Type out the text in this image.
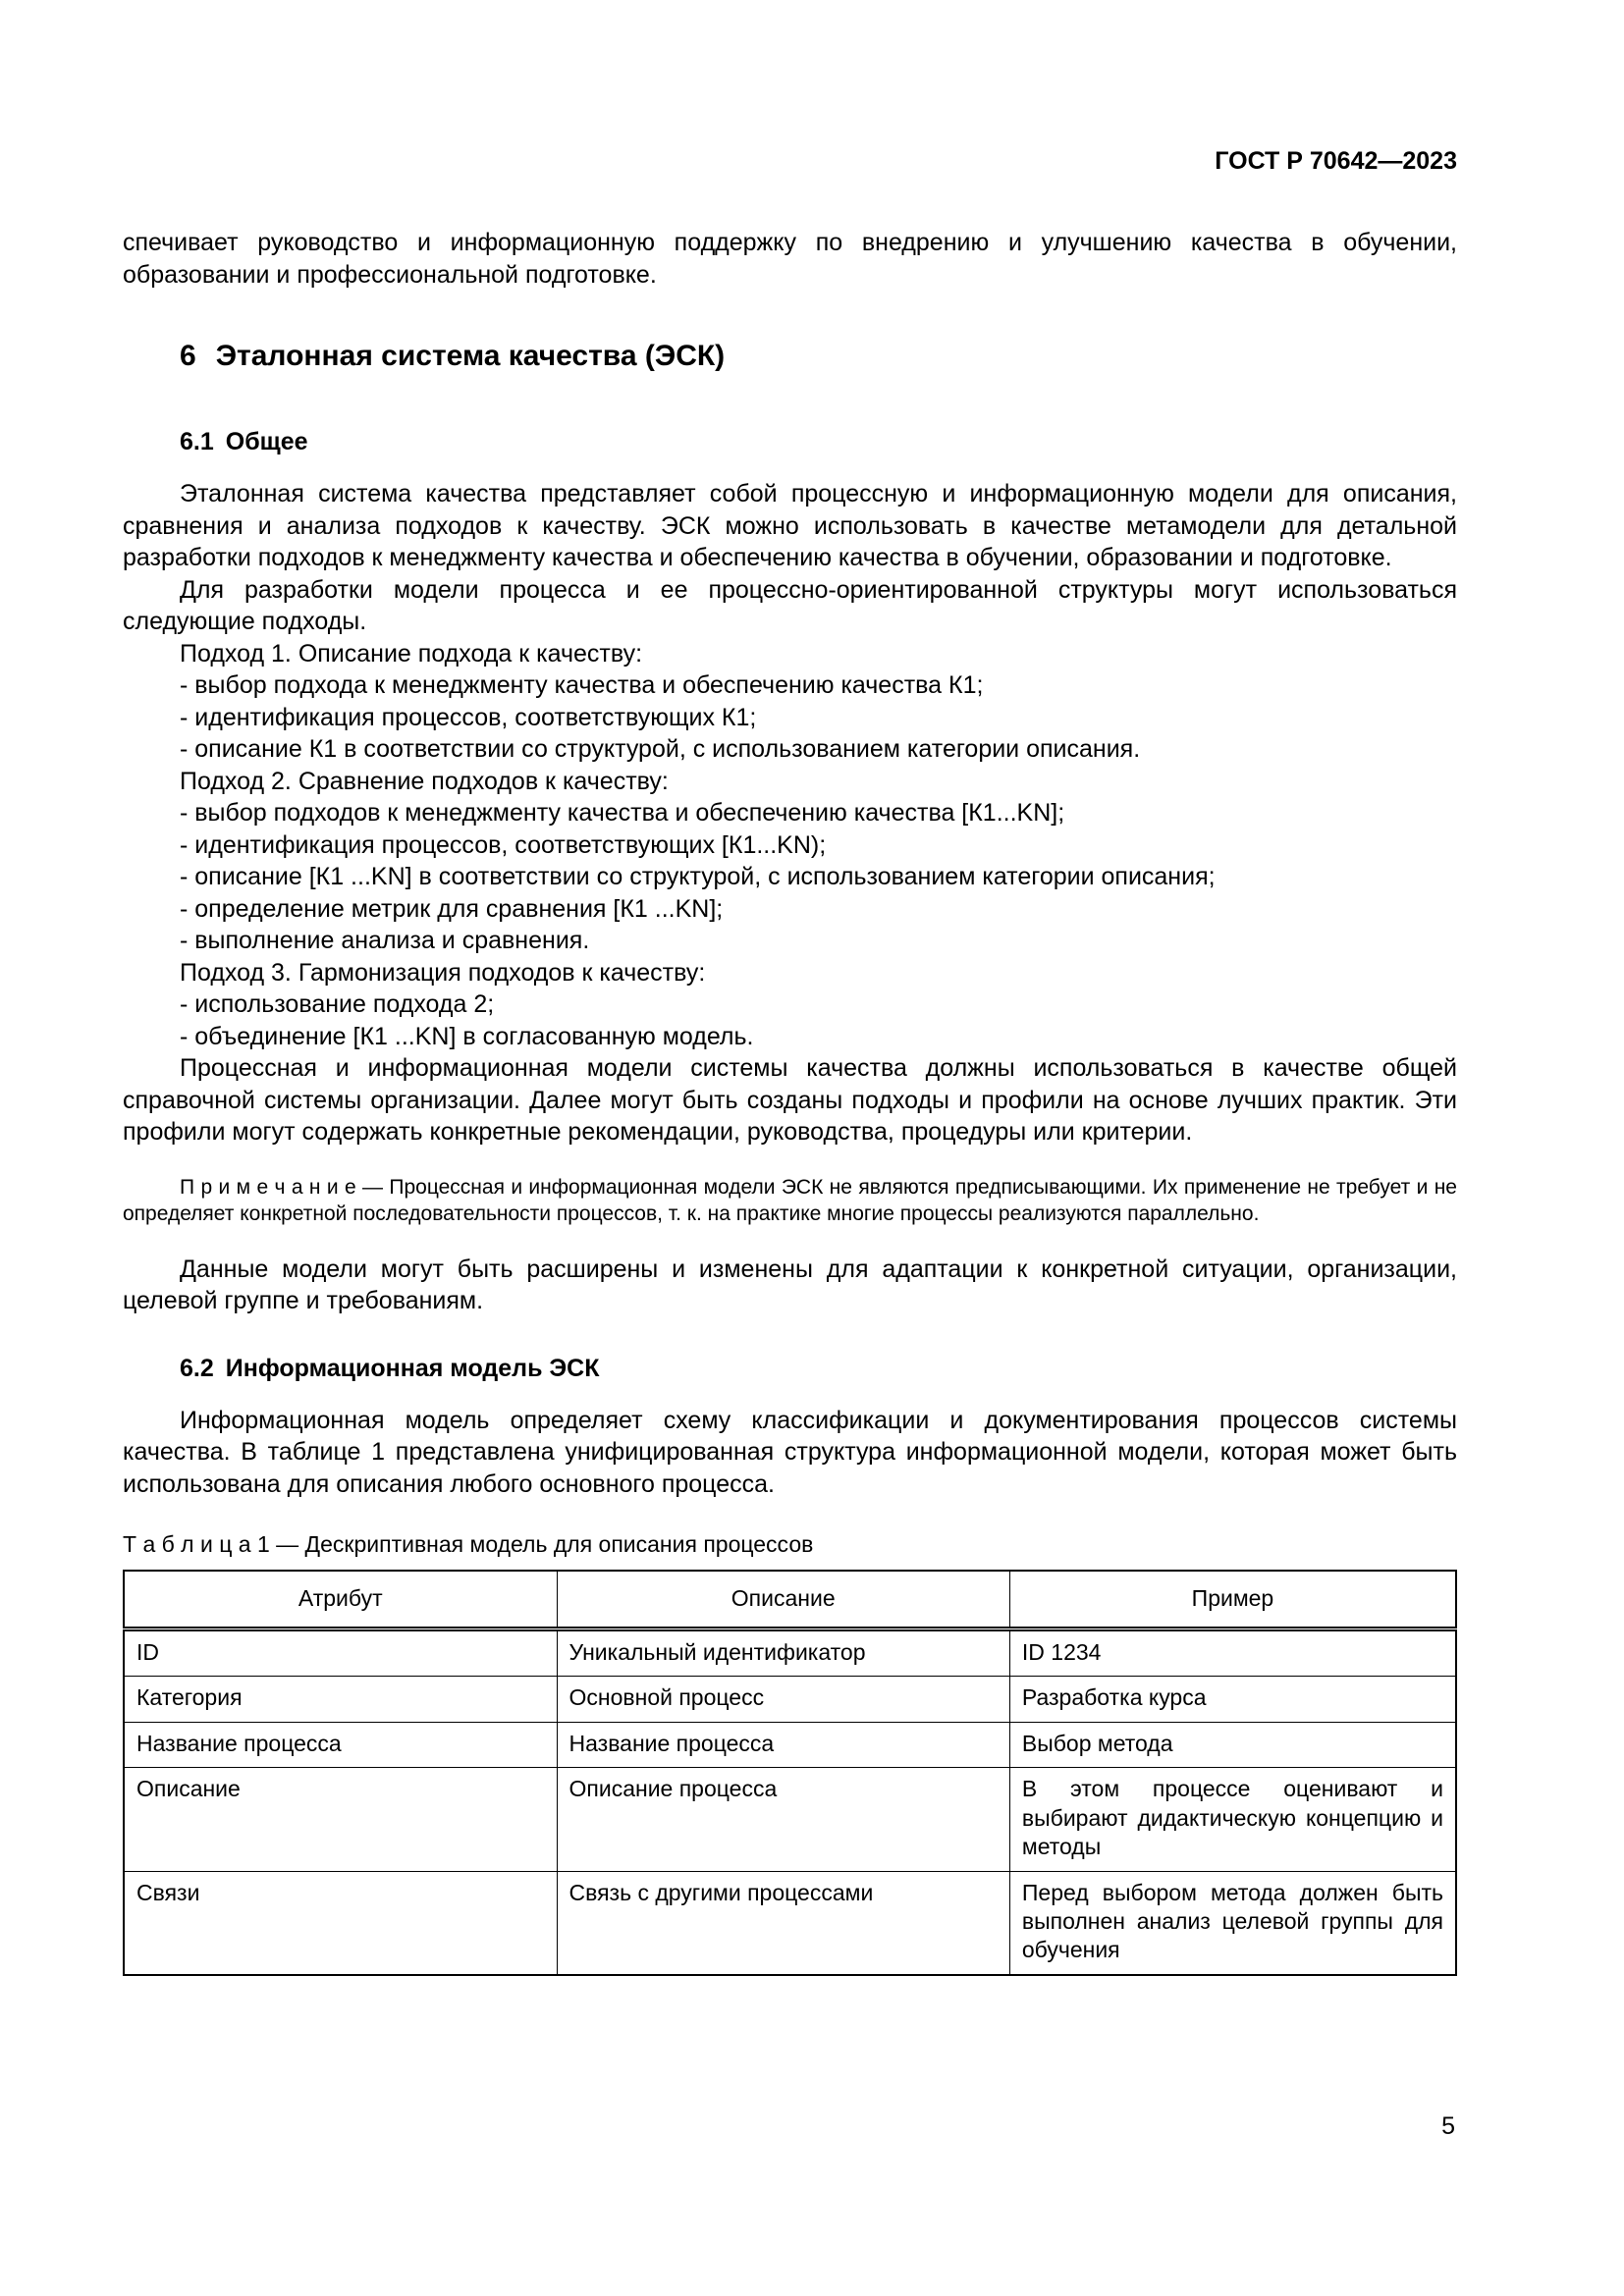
ГОСТ Р 70642—2023

спечивает руководство и информационную поддержку по внедрению и улучшению качества в обучении, образовании и профессиональной подготовке.

6 Эталонная система качества (ЭСК)
6.1 Общее

Эталонная система качества представляет собой процессную и информационную модели для описания, сравнения и анализа подходов к качеству. ЭСК можно использовать в качестве метамодели для детальной разработки подходов к менеджменту качества и обеспечению качества в обучении, образовании и подготовке.

Для разработки модели процесса и ее процессно-ориентированной структуры могут использоваться следующие подходы.

Подход 1. Описание подхода к качеству:
- выбор подхода к менеджменту качества и обеспечению качества К1;
- идентификация процессов, соответствующих К1;
- описание К1 в соответствии со структурой, с использованием категории описания.
Подход 2. Сравнение подходов к качеству:
- выбор подходов к менеджменту качества и обеспечению качества [К1...KN];
- идентификация процессов, соответствующих [К1...KN);
- описание [К1 ...KN] в соответствии со структурой, с использованием категории описания;
- определение метрик для сравнения [К1 ...KN];
- выполнение анализа и сравнения.
Подход 3. Гармонизация подходов к качеству:
- использование подхода 2;
- объединение [К1 ...KN] в согласованную модель.

Процессная и информационная модели системы качества должны использоваться в качестве общей справочной системы организации. Далее могут быть созданы подходы и профили на основе лучших практик. Эти профили могут содержать конкретные рекомендации, руководства, процедуры или критерии.

П р и м е ч а н и е — Процессная и информационная модели ЭСК не являются предписывающими. Их применение не требует и не определяет конкретной последовательности процессов, т. к. на практике многие процессы реализуются параллельно.

Данные модели могут быть расширены и изменены для адаптации к конкретной ситуации, организации, целевой группе и требованиям.

6.2 Информационная модель ЭСК

Информационная модель определяет схему классификации и документирования процессов системы качества. В таблице 1 представлена унифицированная структура информационной модели, которая может быть использована для описания любого основного процесса.

Т а б л и ц а 1 — Дескриптивная модель для описания процессов
Атрибут	Описание	Пример
ID	Уникальный идентификатор	ID 1234
Категория	Основной процесс	Разработка курса
Название процесса	Название процесса	Выбор метода
Описание	Описание процесса	В этом процессе оценивают и выбирают дидактическую концепцию и методы
Связи	Связь с другими процессами	Перед выбором метода должен быть выполнен анализ целевой группы для обучения
5
